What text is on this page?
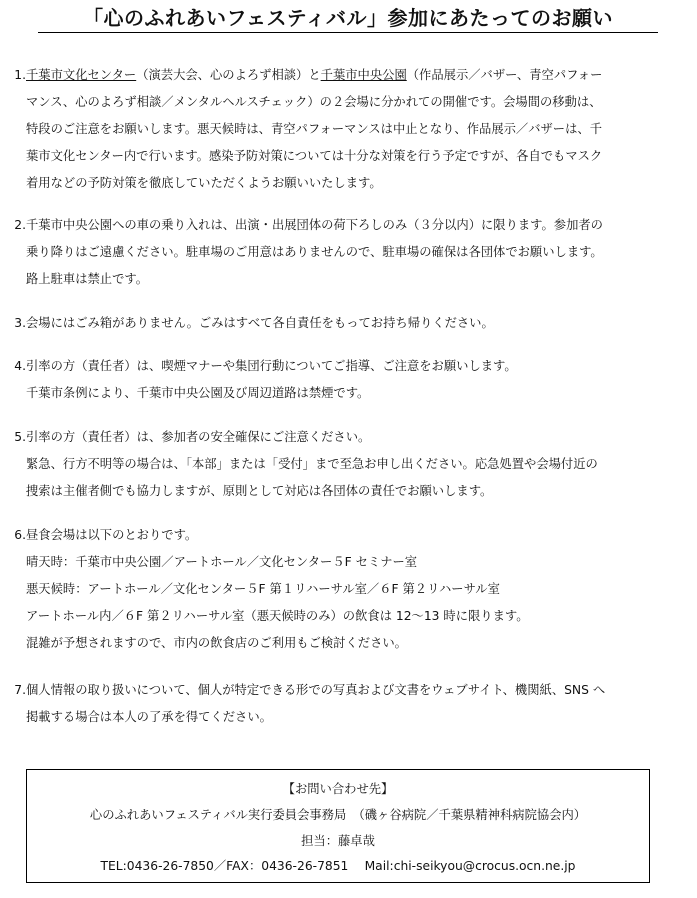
「心のふれあいフェスティバル」参加にあたってのお願い
1.千葉市文化センター（演芸大会、心のよろず相談）と千葉市中央公園（作品展示／バザー、青空パフォー
マンス、心のよろず相談／メンタルヘルスチェック）の２会場に分かれての開催です。会場間の移動は、
特段のご注意をお願いします。悪天候時は、青空パフォーマンスは中止となり、作品展示／バザーは、千
葉市文化センター内で行います。感染予防対策については十分な対策を行う予定ですが、各自でもマスク
着用などの予防対策を徹底していただくようお願いいたします。
2.千葉市中央公園への車の乗り入れは、出演・出展団体の荷下ろしのみ（３分以内）に限ります。参加者の
乗り降りはご遠慮ください。駐車場のご用意はありませんので、駐車場の確保は各団体でお願いします。
路上駐車は禁止です。
3.会場にはごみ箱がありません。ごみはすべて各自責任をもってお持ち帰りください。
4.引率の方（責任者）は、喫煙マナーや集団行動についてご指導、ご注意をお願いします。
千葉市条例により、千葉市中央公園及び周辺道路は禁煙です。
5.引率の方（責任者）は、参加者の安全確保にご注意ください。
緊急、行方不明等の場合は、「本部」または「受付」まで至急お申し出ください。応急処置や会場付近の
捜索は主催者側でも協力しますが、原則として対応は各団体の責任でお願いします。
6.昼食会場は以下のとおりです。
晴天時：千葉市中央公園／アートホール／文化センター５F セミナー室
悪天候時：アートホール／文化センター５F 第１リハーサル室／６F 第２リハーサル室
アートホール内／６F 第２リハーサル室（悪天候時のみ）の飲食は 12～13 時に限ります。
混雑が予想されますので、市内の飲食店のご利用もご検討ください。
7.個人情報の取り扱いについて、個人が特定できる形での写真および文書をウェブサイト、機関紙、SNS へ
掲載する場合は本人の了承を得てください。
【お問い合わせ先】
心のふれあいフェスティバル実行委員会事務局　（磯ヶ谷病院／千葉県精神科病院協会内）
担当：藤卓哉
TEL:0436-26-7850／FAX：0436-26-7851　 Mail:chi-seikyou@crocus.ocn.ne.jp
